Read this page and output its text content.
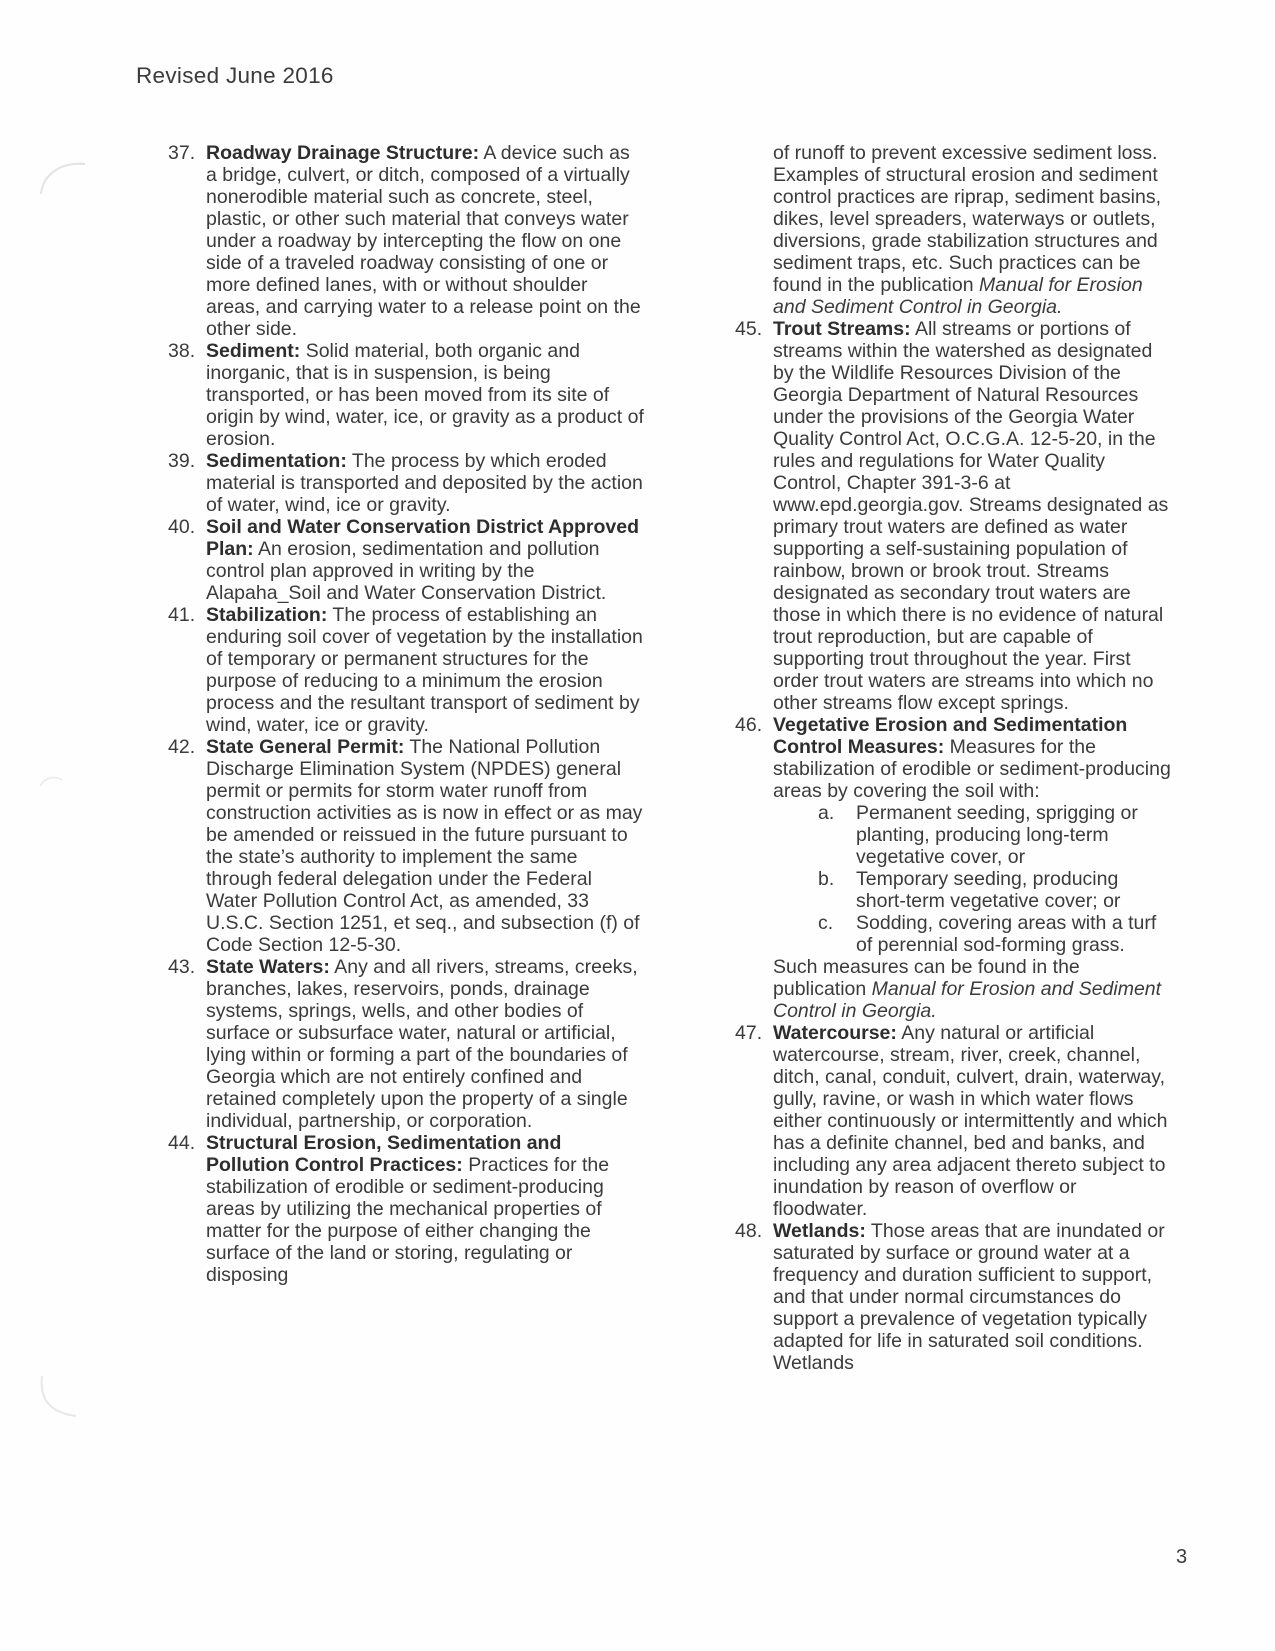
Revised June 2016
37. Roadway Drainage Structure: A device such as a bridge, culvert, or ditch, composed of a virtually nonerodible material such as concrete, steel, plastic, or other such material that conveys water under a roadway by intercepting the flow on one side of a traveled roadway consisting of one or more defined lanes, with or without shoulder areas, and carrying water to a release point on the other side.
38. Sediment: Solid material, both organic and inorganic, that is in suspension, is being transported, or has been moved from its site of origin by wind, water, ice, or gravity as a product of erosion.
39. Sedimentation: The process by which eroded material is transported and deposited by the action of water, wind, ice or gravity.
40. Soil and Water Conservation District Approved Plan: An erosion, sedimentation and pollution control plan approved in writing by the Alapaha_Soil and Water Conservation District.
41. Stabilization: The process of establishing an enduring soil cover of vegetation by the installation of temporary or permanent structures for the purpose of reducing to a minimum the erosion process and the resultant transport of sediment by wind, water, ice or gravity.
42. State General Permit: The National Pollution Discharge Elimination System (NPDES) general permit or permits for storm water runoff from construction activities as is now in effect or as may be amended or reissued in the future pursuant to the state’s authority to implement the same through federal delegation under the Federal Water Pollution Control Act, as amended, 33 U.S.C. Section 1251, et seq., and subsection (f) of Code Section 12-5-30.
43. State Waters: Any and all rivers, streams, creeks, branches, lakes, reservoirs, ponds, drainage systems, springs, wells, and other bodies of surface or subsurface water, natural or artificial, lying within or forming a part of the boundaries of Georgia which are not entirely confined and retained completely upon the property of a single individual, partnership, or corporation.
44. Structural Erosion, Sedimentation and Pollution Control Practices: Practices for the stabilization of erodible or sediment-producing areas by utilizing the mechanical properties of matter for the purpose of either changing the surface of the land or storing, regulating or disposing
of runoff to prevent excessive sediment loss. Examples of structural erosion and sediment control practices are riprap, sediment basins, dikes, level spreaders, waterways or outlets, diversions, grade stabilization structures and sediment traps, etc. Such practices can be found in the publication Manual for Erosion and Sediment Control in Georgia.
45. Trout Streams: All streams or portions of streams within the watershed as designated by the Wildlife Resources Division of the Georgia Department of Natural Resources under the provisions of the Georgia Water Quality Control Act, O.C.G.A. 12-5-20, in the rules and regulations for Water Quality Control, Chapter 391-3-6 at www.epd.georgia.gov. Streams designated as primary trout waters are defined as water supporting a self-sustaining population of rainbow, brown or brook trout. Streams designated as secondary trout waters are those in which there is no evidence of natural trout reproduction, but are capable of supporting trout throughout the year. First order trout waters are streams into which no other streams flow except springs.
46. Vegetative Erosion and Sedimentation Control Measures: Measures for the stabilization of erodible or sediment-producing areas by covering the soil with:
a. Permanent seeding, sprigging or planting, producing long-term vegetative cover, or
b. Temporary seeding, producing short-term vegetative cover; or
c. Sodding, covering areas with a turf of perennial sod-forming grass.
Such measures can be found in the publication Manual for Erosion and Sediment Control in Georgia.
47. Watercourse: Any natural or artificial watercourse, stream, river, creek, channel, ditch, canal, conduit, culvert, drain, waterway, gully, ravine, or wash in which water flows either continuously or intermittently and which has a definite channel, bed and banks, and including any area adjacent thereto subject to inundation by reason of overflow or floodwater.
48. Wetlands: Those areas that are inundated or saturated by surface or ground water at a frequency and duration sufficient to support, and that under normal circumstances do support a prevalence of vegetation typically adapted for life in saturated soil conditions. Wetlands
3
